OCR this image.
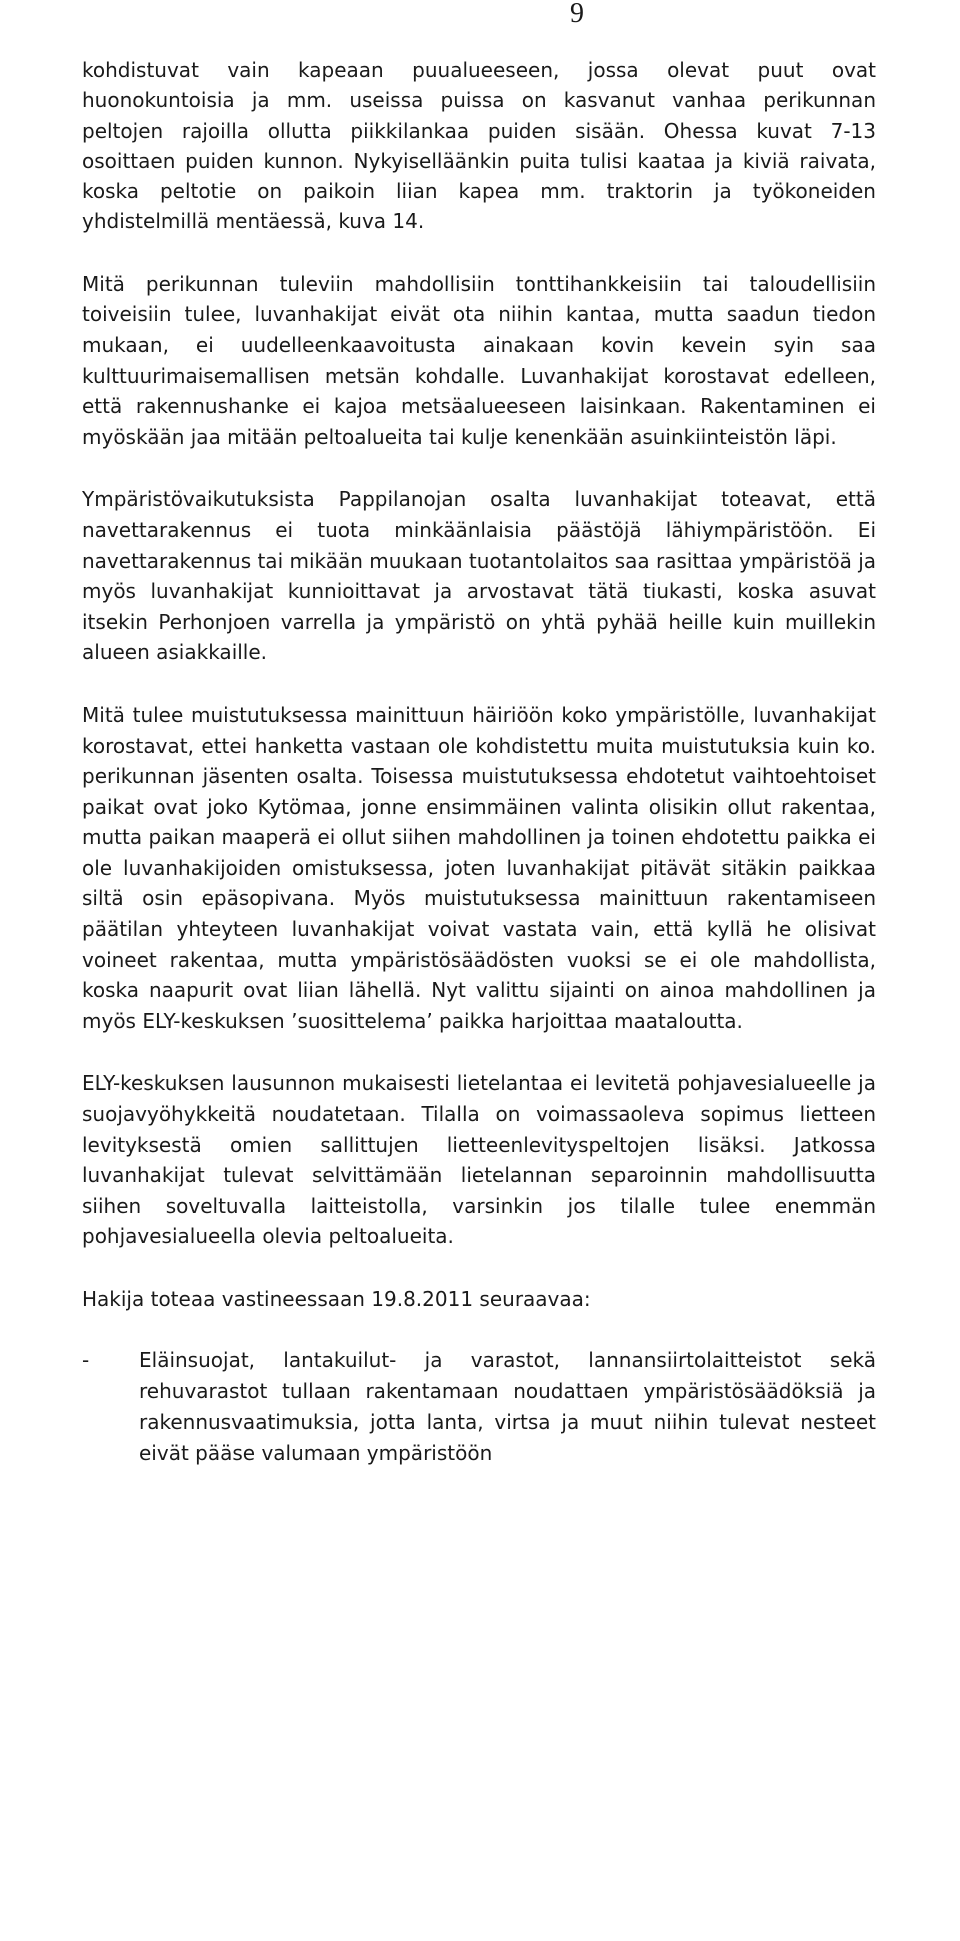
9

kohdistuvat vain kapeaan puualueeseen, jossa olevat puut ovat huonokuntoisia ja mm. useissa puissa on kasvanut vanhaa perikunnan peltojen rajoilla ollutta piikkilankaa puiden sisään. Ohessa kuvat 7-13 osoittaen puiden kunnon. Nykyiselläänkin puita tulisi kaataa ja kiviä raivata, koska peltotie on paikoin liian kapea mm. traktorin ja työkoneiden yhdistelmillä mentäessä, kuva 14.

Mitä perikunnan tuleviin mahdollisiin tonttihankkeisiin tai taloudellisiin toiveisiin tulee, luvanhakijat eivät ota niihin kantaa, mutta saadun tiedon mukaan, ei uudelleenkaavoitusta ainakaan kovin kevein syin saa kulttuurimaisemallisen metsän kohdalle. Luvanhakijat korostavat edelleen, että rakennushanke ei kajoa metsäalueeseen laisinkaan. Rakentaminen ei myöskään jaa mitään peltoalueita tai kulje kenenkään asuinkiinteistön läpi.

Ympäristövaikutuksista Pappilanojan osalta luvanhakijat toteavat, että navettarakennus ei tuota minkäänlaisia päästöjä lähiympäristöön. Ei navettarakennus tai mikään muukaan tuotantolaitos saa rasittaa ympäristöä ja myös luvanhakijat kunnioittavat ja arvostavat tätä tiukasti, koska asuvat itsekin Perhonjoen varrella ja ympäristö on yhtä pyhää heille kuin muillekin alueen asiakkaille.

Mitä tulee muistutuksessa mainittuun häiriöön koko ympäristölle, luvanhakijat korostavat, ettei hanketta vastaan ole kohdistettu muita muistutuksia kuin ko. perikunnan jäsenten osalta. Toisessa muistutuksessa ehdotetut vaihtoehtoiset paikat ovat joko Kytömaa, jonne ensimmäinen valinta olisikin ollut rakentaa, mutta paikan maaperä ei ollut siihen mahdollinen ja toinen ehdotettu paikka ei ole luvanhakijoiden omistuksessa, joten luvanhakijat pitävät sitäkin paikkaa siltä osin epäsopivana. Myös muistutuksessa mainittuun rakentamiseen päätilan yhteyteen luvanhakijat voivat vastata vain, että kyllä he olisivat voineet rakentaa, mutta ympäristösäädösten vuoksi se ei ole mahdollista, koska naapurit ovat liian lähellä. Nyt valittu sijainti on ainoa mahdollinen ja myös ELY-keskuksen ’suosittelema’ paikka harjoittaa maataloutta.

ELY-keskuksen lausunnon mukaisesti lietelantaa ei levitetä pohjavesialueelle ja suojavyöhykkeitä noudatetaan. Tilalla on voimassaoleva sopimus lietteen levityksestä omien sallittujen lietteenlevityspeltojen lisäksi. Jatkossa luvanhakijat tulevat selvittämään lietelannan separoinnin mahdollisuutta siihen soveltuvalla laitteistolla, varsinkin jos tilalle tulee enemmän pohjavesialueella olevia peltoalueita.

Hakija toteaa vastineessaan 19.8.2011 seuraavaa:

- Eläinsuojat, lantakuilut- ja varastot, lannansiirtolaitteistot sekä rehuvarastot tullaan rakentamaan noudattaen ympäristösäädöksiä ja rakennusvaatimuksia, jotta lanta, virtsa ja muut niihin tulevat nesteet eivät pääse valumaan ympäristöön
